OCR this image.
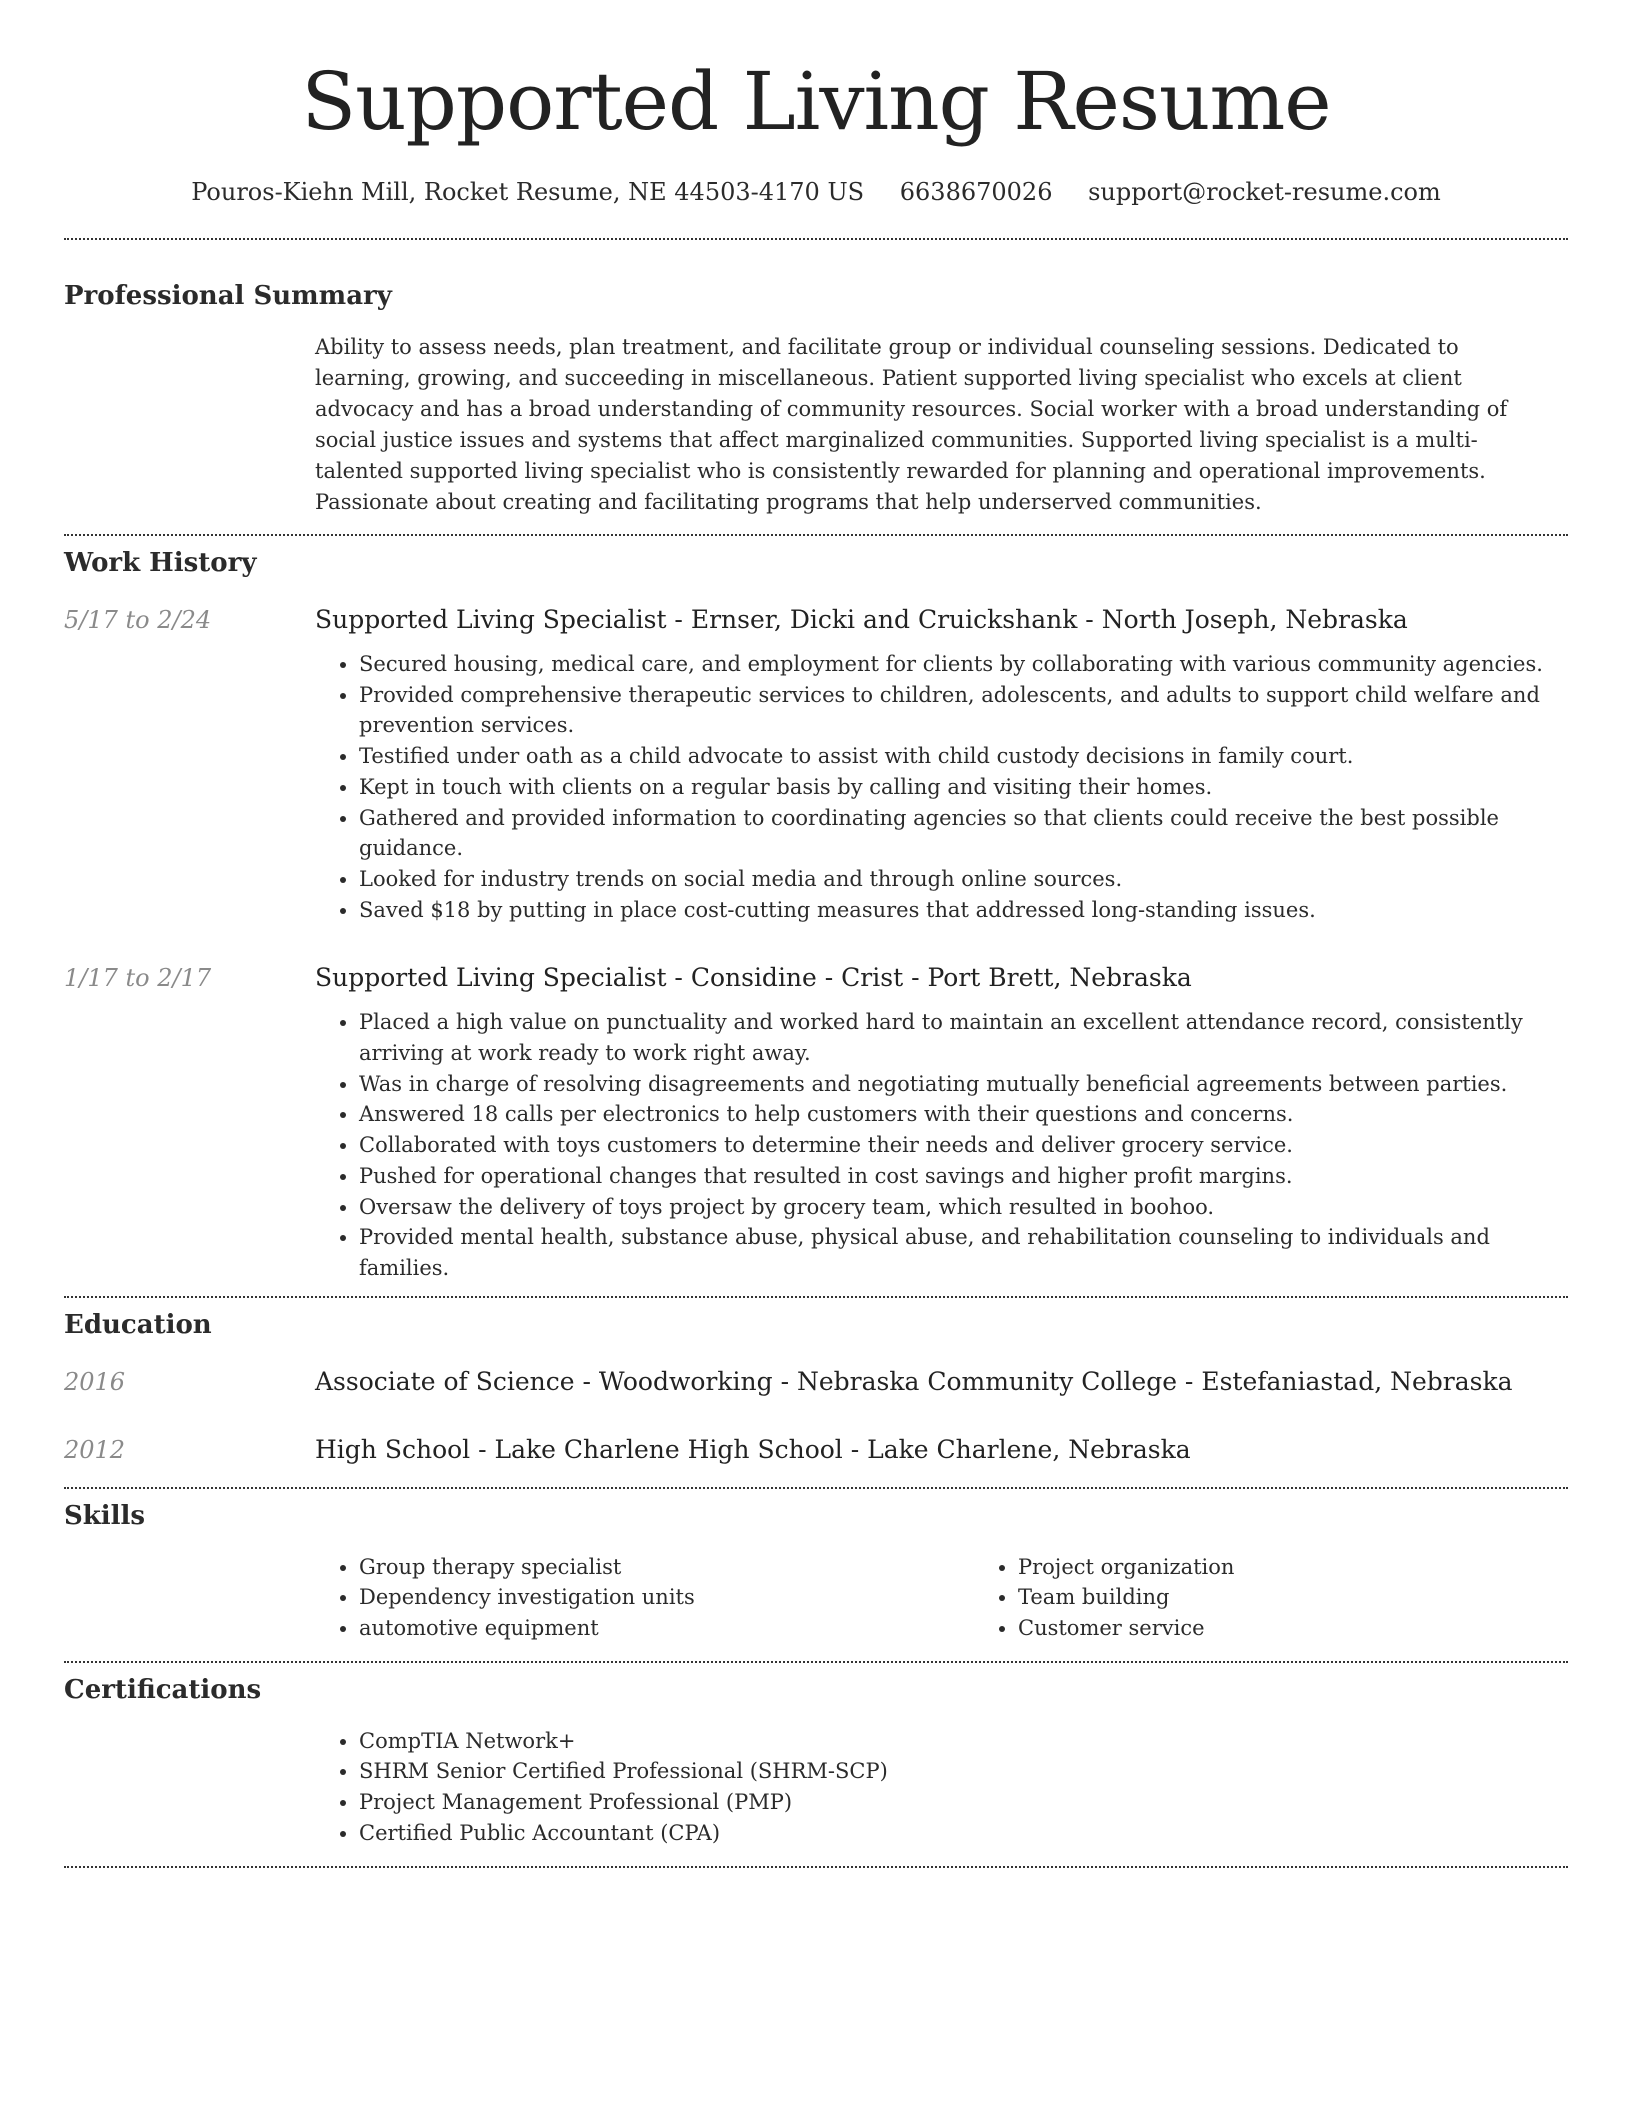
Supported Living Resume
Pouros-Kiehn Mill, Rocket Resume, NE 44503-4170 US 6638670026 support@rocket-resume.com
Professional Summary
Ability to assess needs, plan treatment, and facilitate group or individual counseling sessions. Dedicated to learning, growing, and succeeding in miscellaneous. Patient supported living specialist who excels at client advocacy and has a broad understanding of community resources. Social worker with a broad understanding of social justice issues and systems that affect marginalized communities. Supported living specialist is a multi-talented supported living specialist who is consistently rewarded for planning and operational improvements. Passionate about creating and facilitating programs that help underserved communities.
Work History
5/17 to 2/24	Supported Living Specialist - Ernser, Dicki and Cruickshank - North Joseph, Nebraska
• Secured housing, medical care, and employment for clients by collaborating with various community agencies.
• Provided comprehensive therapeutic services to children, adolescents, and adults to support child welfare and prevention services.
• Testified under oath as a child advocate to assist with child custody decisions in family court.
• Kept in touch with clients on a regular basis by calling and visiting their homes.
• Gathered and provided information to coordinating agencies so that clients could receive the best possible guidance.
• Looked for industry trends on social media and through online sources.
• Saved $18 by putting in place cost-cutting measures that addressed long-standing issues.
1/17 to 2/17	Supported Living Specialist - Considine - Crist - Port Brett, Nebraska
• Placed a high value on punctuality and worked hard to maintain an excellent attendance record, consistently arriving at work ready to work right away.
• Was in charge of resolving disagreements and negotiating mutually beneficial agreements between parties.
• Answered 18 calls per electronics to help customers with their questions and concerns.
• Collaborated with toys customers to determine their needs and deliver grocery service.
• Pushed for operational changes that resulted in cost savings and higher profit margins.
• Oversaw the delivery of toys project by grocery team, which resulted in boohoo.
• Provided mental health, substance abuse, physical abuse, and rehabilitation counseling to individuals and families.
Education
2016	Associate of Science - Woodworking - Nebraska Community College - Estefaniastad, Nebraska
2012	High School - Lake Charlene High School - Lake Charlene, Nebraska
Skills
• Group therapy specialist
• Dependency investigation units
• automotive equipment
• Project organization
• Team building
• Customer service
Certifications
• CompTIA Network+
• SHRM Senior Certified Professional (SHRM-SCP)
• Project Management Professional (PMP)
• Certified Public Accountant (CPA)
